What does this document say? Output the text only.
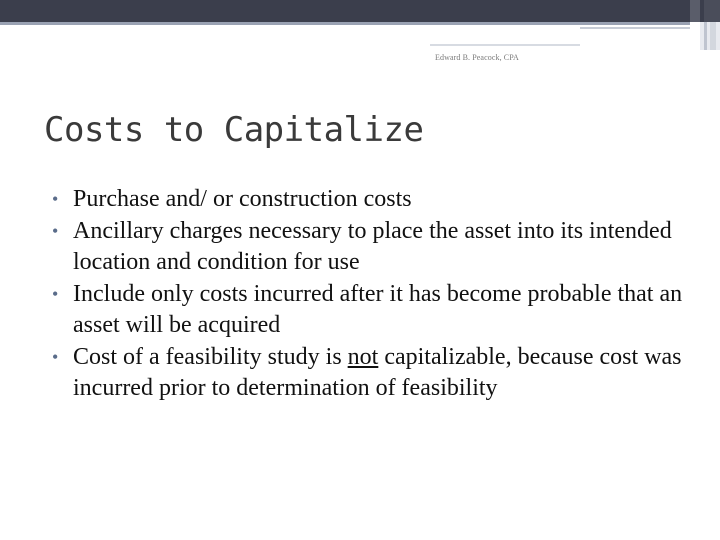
Edward B. Peacock, CPA
Costs to Capitalize
• Purchase and/ or construction costs
• Ancillary charges necessary to place the asset into its intended location and condition for use
• Include only costs incurred after it has become probable that an asset will be acquired
• Cost of a feasibility study is not capitalizable, because cost was incurred prior to determination of feasibility
